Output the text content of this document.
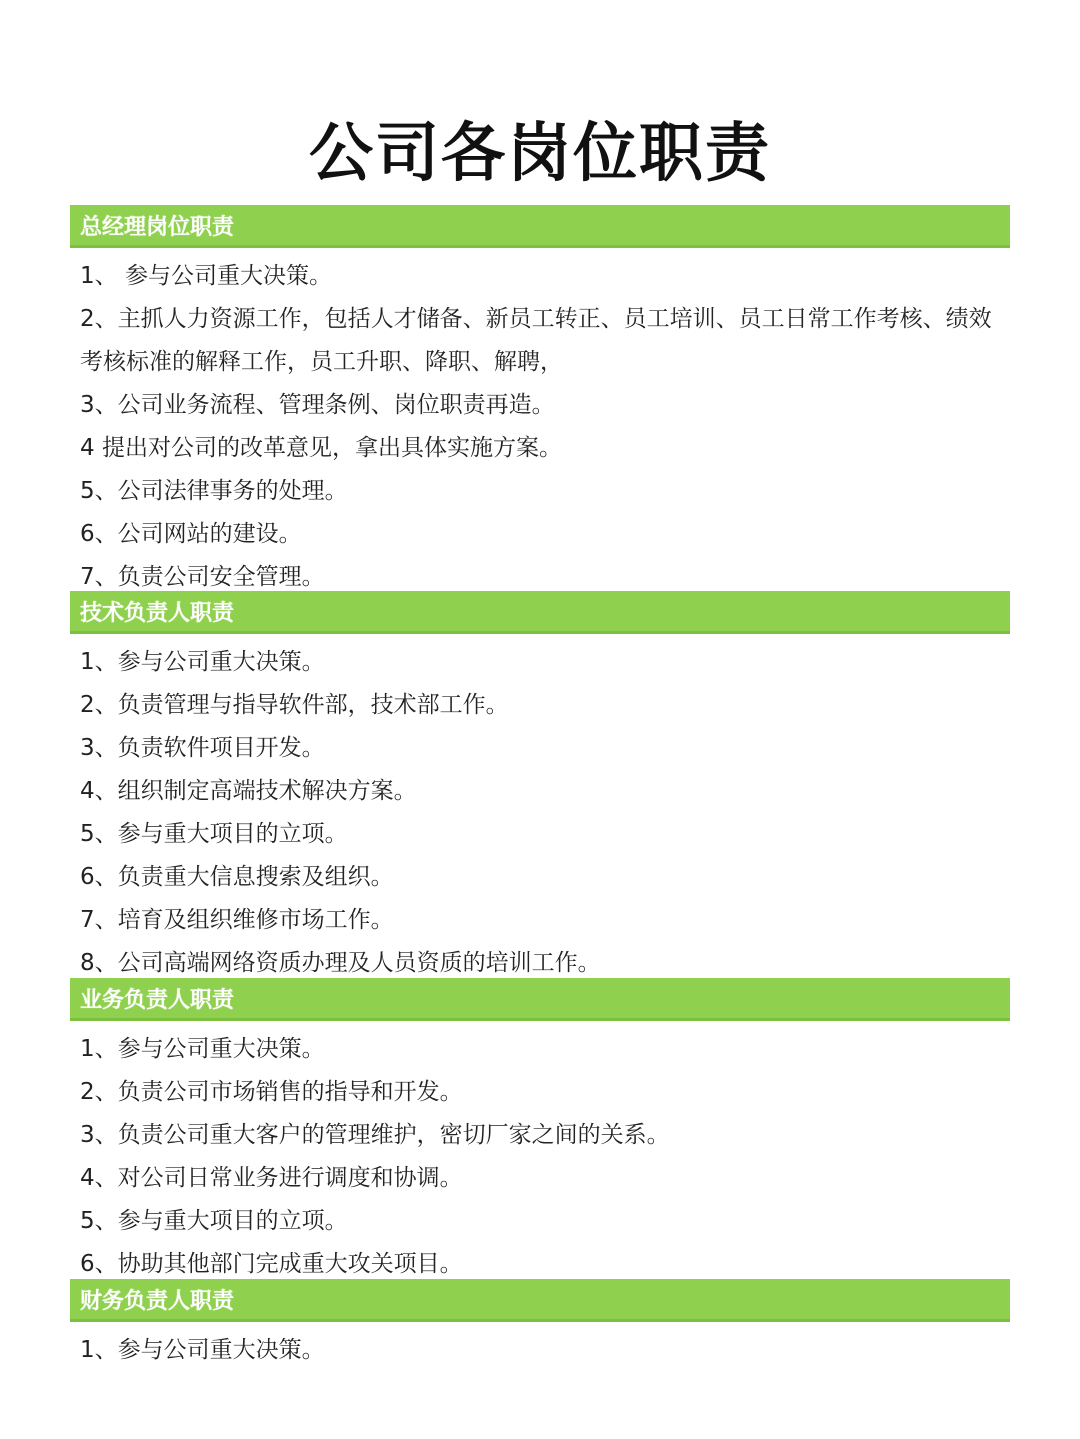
公司各岗位职责
总经理岗位职责
1、 参与公司重大决策。
2、主抓人力资源工作，包括人才储备、新员工转正、员工培训、员工日常工作考核、绩效考核标准的解释工作，员工升职、降职、解聘，
3、公司业务流程、管理条例、岗位职责再造。
4 提出对公司的改革意见，拿出具体实施方案。
5、公司法律事务的处理。
6、公司网站的建设。
7、负责公司安全管理。
技术负责人职责
1、参与公司重大决策。
2、负责管理与指导软件部，技术部工作。
3、负责软件项目开发。
4、组织制定高端技术解决方案。
5、参与重大项目的立项。
6、负责重大信息搜索及组织。
7、培育及组织维修市场工作。
8、公司高端网络资质办理及人员资质的培训工作。
业务负责人职责
1、参与公司重大决策。
2、负责公司市场销售的指导和开发。
3、负责公司重大客户的管理维护，密切厂家之间的关系。
4、对公司日常业务进行调度和协调。
5、参与重大项目的立项。
6、协助其他部门完成重大攻关项目。
财务负责人职责
1、参与公司重大决策。
